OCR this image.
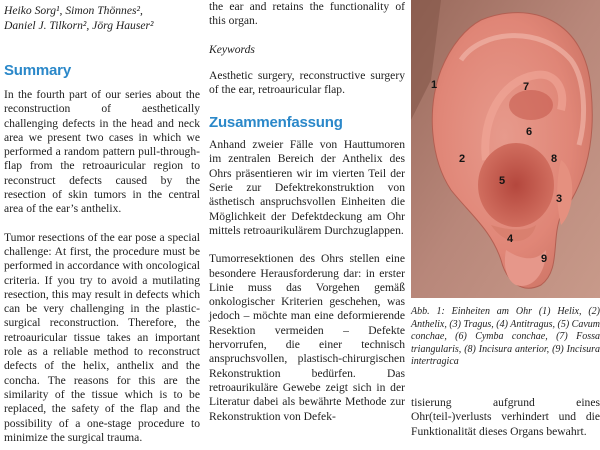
Heiko Sorg¹, Simon Thönnes²,

Daniel J. Tilkorn², Jörg Hauser²

Summary

In the fourth part of our series about the reconstruction of aesthetically challenging defects in the head and neck area we present two cases in which we performed a random pattern pull-through-flap from the retroauricular region to reconstruct defects caused by the resection of skin tumors in the central area of the ear’s anthelix.

Tumor resections of the ear pose a special challenge: At first, the procedure must be performed in accordance with oncological criteria. If you try to avoid a mutilating resection, this may result in defects which can be very challenging in the plastic-surgical reconstruction. Therefore, the retroauricular tissue takes an important role as a reliable method to reconstruct defects of the helix, anthelix and the concha. The reasons for this are the similarity of the tissue which is to be replaced, the safety of the flap and the possibility of a one-stage procedure to minimize the surgical trauma.

the ear and retains the functionality of this organ.

Keywords

Aesthetic surgery, reconstructive surgery of the ear, retroauricular flap.

Zusammenfassung

Anhand zweier Fälle von Hauttumoren im zentralen Bereich der Anthelix des Ohrs präsentieren wir im vierten Teil der Serie zur Defektrekonstruktion von ästhetisch anspruchsvollen Einheiten die Möglichkeit der Defektdeckung am Ohr mittels retroaurikulärem Durchzuglappen.

Tumorresektionen des Ohrs stellen eine besondere Herausforderung dar: in erster Linie muss das Vorgehen gemäß onkologischer Kriterien geschehen, was jedoch – möchte man eine deformierende Resektion vermeiden – Defekte hervorrufen, die einer technisch anspruchsvollen, plastisch-chirurgischen Rekonstruktion bedürfen. Das retroaurikuläre Gewebe zeigt sich in der Literatur dabei als bewährte Methode zur Rekonstruktion von Defek-

1
2
3
4
5
6
7
8
9

Abb. 1: Einheiten am Ohr (1) Helix, (2) Anthelix, (3) Tragus, (4) Antitragus, (5) Cavum conchae, (6) Cymba conchae, (7) Fossa triangularis, (8) Incisura anterior, (9) Incisura intertragica

tisierung aufgrund eines Ohr(teil-)verlusts verhindert und die Funktionalität dieses Organs bewahrt.
